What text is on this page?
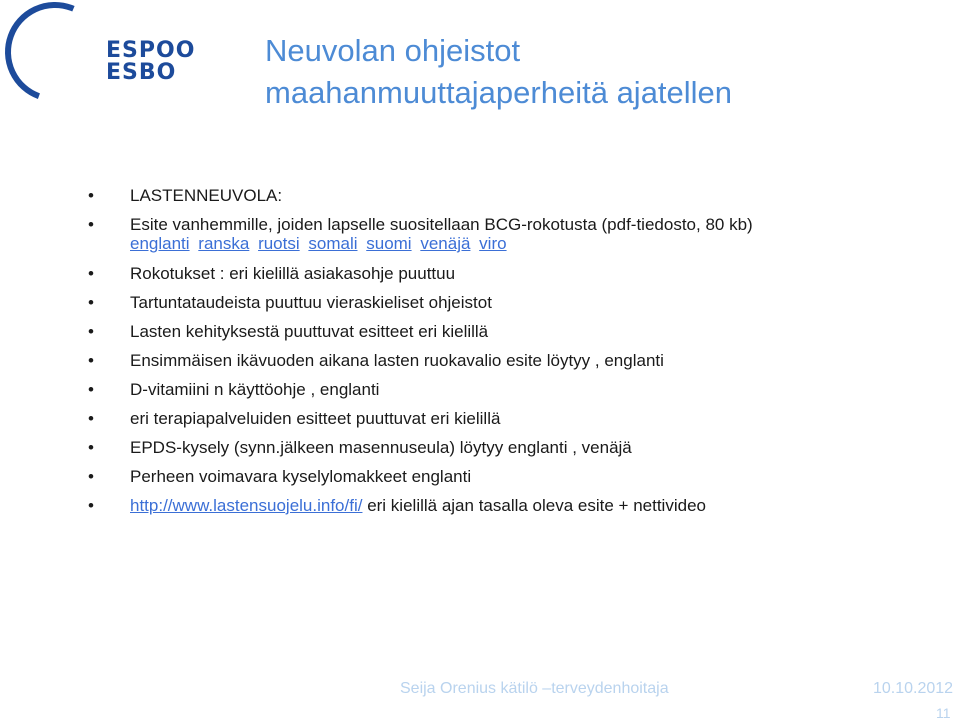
ESPOO
ESBO
Neuvolan ohjeistot
maahanmuuttajaperheitä ajatellen
• LASTENNEUVOLA:
• Esite vanhemmille, joiden lapselle suositellaan BCG-rokotusta (pdf-tiedosto, 80 kb)
englanti ranska ruotsi somali suomi venäjä viro
• Rokotukset : eri kielillä asiakasohje puuttuu
• Tartuntataudeista puuttuu vieraskieliset ohjeistot
• Lasten kehityksestä puuttuvat esitteet eri kielillä
• Ensimmäisen ikävuoden aikana lasten ruokavalio esite löytyy , englanti
• D-vitamiini n käyttöohje , englanti
• eri terapiapalveluiden esitteet puuttuvat eri kielillä
• EPDS-kysely (synn.jälkeen masennuseula) löytyy englanti , venäjä
• Perheen voimavara kyselylomakkeet englanti
• http://www.lastensuojelu.info/fi/ eri kielillä ajan tasalla oleva esite + nettivideo
Seija Orenius kätilö –terveydenhoitaja	10.10.2012
11
